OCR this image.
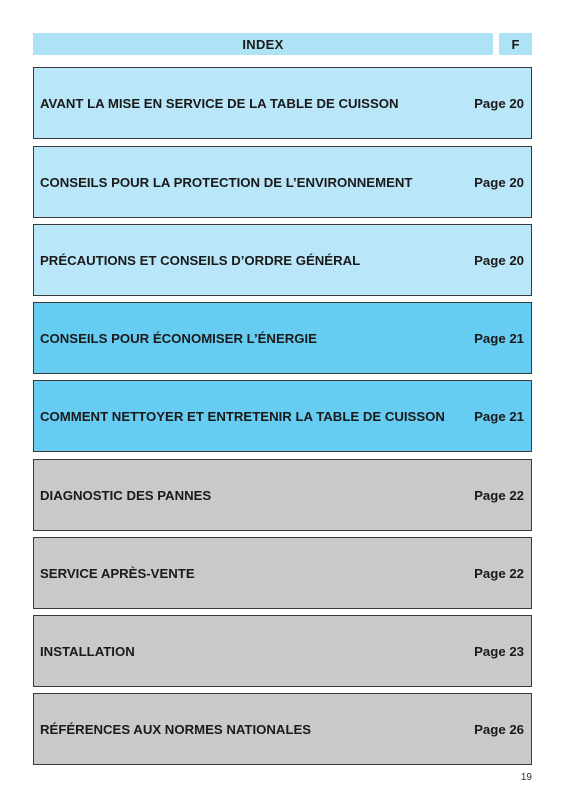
INDEX	F
AVANT LA MISE EN SERVICE DE LA TABLE DE CUISSON	Page 20
CONSEILS POUR LA PROTECTION DE L’ENVIRONNEMENT	Page 20
PRÉCAUTIONS ET CONSEILS D’ORDRE GÉNÉRAL	Page 20
CONSEILS POUR ÉCONOMISER L’ÉNERGIE	Page 21
COMMENT NETTOYER ET ENTRETENIR LA TABLE DE CUISSON	Page 21
DIAGNOSTIC DES PANNES	Page 22
SERVICE APRÈS-VENTE	Page 22
INSTALLATION	Page 23
RÉFÉRENCES AUX NORMES NATIONALES	Page 26
19
